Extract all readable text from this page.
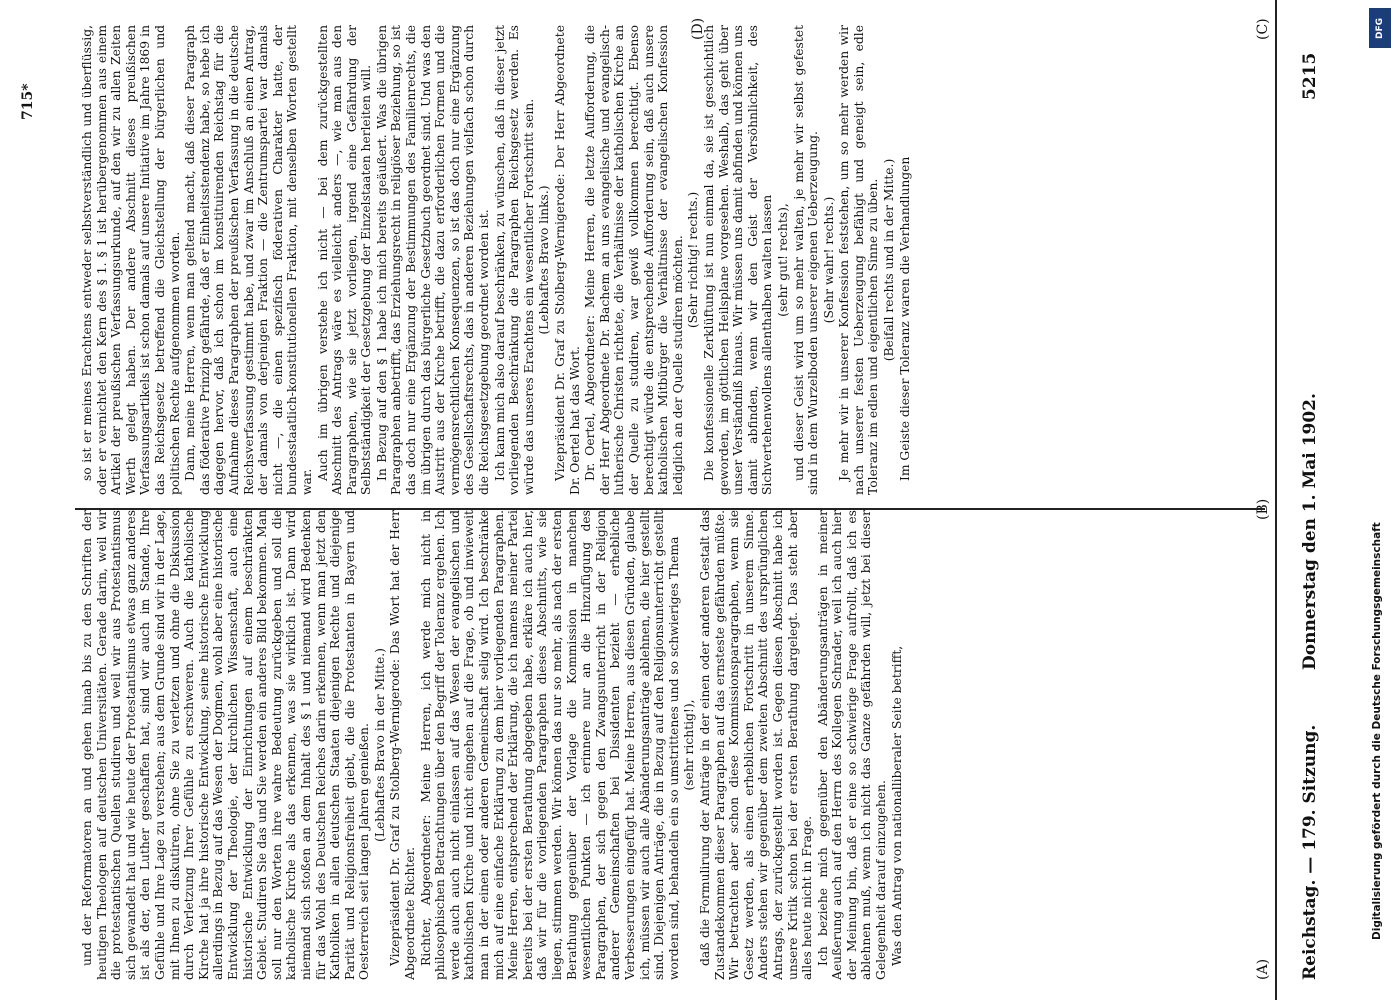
Reichstag. — 179. Sitzung.
Donnerstag den 1. Mai 1902.
5215
(A)
(B)
(C)
(D)

und der Reformatoren an und gehen hinab bis zu den Schriften der heutigen Theologen auf deutschen Universitäten. Gerade darin, weil wir die protestantischen Quellen studiren und weil wir aus Protestantismus sich gewandelt hat und wie heute der Protestantismus etwas ganz anderes ist als der, den Luther geschaffen hat, sind wir auch im Stande, Ihre Gefühle und Ihre Lage zu verstehen; aus dem Grunde sind wir in der Lage, mit Ihnen zu diskutiren, ohne Sie zu verletzen und ohne die Diskussion durch Verletzung Ihrer Gefühle zu erschweren. Auch die katholische Kirche hat ja ihre historische Entwicklung, seine historische Entwicklung allerdings in Bezug auf das Wesen der Dogmen, wohl aber eine historische Entwicklung der Theologie, der kirchlichen Wissenschaft, auch eine historische Entwicklung der Einrichtungen auf einem beschränkten Gebiet. Studiren Sie das und Sie werden ein anderes Bild bekommen. Man soll nur den Worten ihre wahre Bedeutung zurückgeben und soll die katholische Kirche als das erkennen, was sie wirklich ist. Dann wird niemand sich stoßen an dem Inhalt des § 1 und niemand wird Bedenken für das Wohl des Deutschen Reiches darin erkennen, wenn man jetzt den Katholiken in allen deutschen Staaten diejenigen Rechte und diejenige Parität und Religionsfreiheit giebt, die die Protestanten in Bayern und Oesterreich seit langen Jahren genießen. (Lebhaftes Bravo in der Mitte.) Vizepräsident Dr. Graf zu Stolberg-Wernigerode: Das Wort hat der Herr Abgeordnete Richter. Richter, Abgeordneter: Meine Herren, ich werde mich nicht in philosophischen Betrachtungen über den Begriff der Toleranz ergehen. Ich werde auch auch nicht einlassen auf das Wesen der evangelischen und katholischen Kirche und nicht eingehen auf die Frage, ob und inwieweit man in der einen oder anderen Gemeinschaft selig wird. Ich beschränke mich auf eine einfache Erklärung zu dem hier vorliegenden Paragraphen. Meine Herren, entsprechend der Erklärung, die ich namens meiner Partei bereits bei der ersten Berathung abgegeben habe, erkläre ich auch hier, daß wir für die vorliegenden Paragraphen dieses Abschnitts, wie sie liegen, stimmen werden. Wir können das nur so mehr, als nach der ersten Berathung gegenüber der Vorlage die Kommission in manchen wesentlichen Punkten — ich erinnere nur an die Hinzufügung des Paragraphen, der sich gegen den Zwangsunterricht in der Religion anderer Gemeinschaften bei Dissidenten bezieht — erhebliche Verbesserungen eingefügt hat. Meine Herren, aus diesen Gründen, glaube ich, müssen wir auch alle Abänderungsanträge ablehnen, die hier gestellt sind. Diejenigen Anträge, die in Bezug auf den Religionsunterricht gestellt worden sind, behandeln ein so umstrittenes und so schwieriges Thema (sehr richtig!), daß die Formulirung der Anträge in der einen oder anderen Gestalt das Zustandekommen dieser Paragraphen auf das ernsteste gefährden müßte. Wir betrachten aber schon diese Kommissionsparagraphen, wenn sie Gesetz werden, als einen erheblichen Fortschritt in unserem Sinne. Anders stehen wir gegenüber dem zweiten Abschnitt des ursprünglichen Antrags, der zurückgestellt worden ist. Gegen diesen Abschnitt habe ich unsere Kritik schon bei der ersten Berathung dargelegt. Das steht aber alles heute nicht in Frage. Ich beziehe mich gegenüber den Abänderungsanträgen in meiner Aeußerung auch auf den Herrn des Kollegen Schrader, weil ich auch hier der Meinung bin, daß er eine so schwierige Frage aufrollt, daß ich es ablehnen muß, wenn ich nicht das Ganze gefährden will, jetzt bei dieser Gelegenheit darauf einzugehen. Was den Antrag von nationalliberaler Seite betrifft,

so ist er meines Erachtens entweder selbstverständlich und überflüssig, oder er vernichtet den Kern des § 1. § 1 ist herübergenommen aus einem Artikel der preußischen Verfassungsurkunde, auf den wir zu allen Zeiten Werth gelegt haben. Der andere Abschnitt dieses preußischen Verfassungsartikels ist schon damals auf unsere Initiative im Jahre 1869 in das Reichsgesetz betreffend die Gleichstellung der bürgerlichen und politischen Rechte aufgenommen worden. Dann, meine Herren, wenn man geltend macht, daß dieser Paragraph das föderative Prinzip gefährde, daß er Einheitsstendenz habe, so hebe ich dagegen hervor, daß ich schon im konstituirenden Reichstag für die Aufnahme dieses Paragraphen der preußischen Verfassung in die deutsche Reichsverfassung gestimmt habe, und zwar im Anschluß an einen Antrag, der damals von derjenigen Fraktion — die Zentrumspartei war damals nicht —, die einen spezifisch föderativen Charakter hatte, der bundesstaatlich-konstitutionellen Fraktion, mit denselben Worten gestellt war.

Auch im übrigen verstehe ich nicht — bei dem zurückgestellten Abschnitt des Antrags wäre es vielleicht anders —, wie man aus den Paragraphen, wie sie jetzt vorliegen, irgend eine Gefährdung der Selbstständigkeit der Gesetzgebung der Einzelstaaten herleiten will. In Bezug auf den § 1 habe ich mich bereits geäußert. Was die übrigen Paragraphen anbetrifft, das Erziehungsrecht in religiöser Beziehung, so ist das doch nur eine Ergänzung der Bestimmungen des Familienrechts, die im übrigen durch das bürgerliche Gesetzbuch geordnet sind. Und was den Austritt aus der Kirche betrifft, die dazu erforderlichen Formen und die vermögensrechtlichen Konsequenzen, so ist das doch nur eine Ergänzung des Gesellschaftsrechts, das in anderen Beziehungen vielfach schon durch die Reichsgesetzgebung geordnet worden ist. Ich kann mich also darauf beschränken, zu wünschen, daß in dieser jetzt vorliegenden Beschränkung die Paragraphen Reichsgesetz werden. Es würde das unseres Erachtens ein wesentlicher Fortschritt sein. (Lebhaftes Bravo links.) Vizepräsident Dr. Graf zu Stolberg-Wernigerode: Der Herr Abgeordnete Dr. Oertel hat das Wort. Dr. Oertel, Abgeordneter: Meine Herren, die letzte Aufforderung, die der Herr Abgeordnete Dr. Bachem an uns evangelische und evangelisch-lutherische Christen richtete, die Verhältnisse der katholischen Kirche an der Quelle zu studiren, war gewiß vollkommen berechtigt. Ebenso berechtigt würde die entsprechende Aufforderung sein, daß auch unsere katholischen Mitbürger die Verhältnisse der evangelischen Konfession lediglich an der Quelle studiren möchten. (Sehr richtig! rechts.) Die konfessionelle Zerklüftung ist nun einmal da, sie ist geschichtlich geworden, im göttlichen Heilsplane vorgesehen. Weshalb, das geht über unser Verständniß hinaus. Wir müssen uns damit abfinden und können uns damit abfinden, wenn wir den Geist der Versöhnlichkeit, des Sichvertehenwollens allenthalben walten lassen (sehr gut! rechts), und dieser Geist wird um so mehr walten, je mehr wir selbst gefestet sind in dem Wurzelboden unserer eigenen Ueberzeugung. (Sehr wahr! rechts.) Je mehr wir in unserer Konfession feststehen, um so mehr werden wir nach unserer festen Ueberzeugung befähigt und geneigt sein, edle Toleranz im edlen und eigentlichen Sinne zu üben. (Beifall rechts und in der Mitte.) Im Geiste dieser Toleranz waren die Verhandlungen

715*
DFG
Digitalisierung gefördert durch die Deutsche Forschungsgemeinschaft
